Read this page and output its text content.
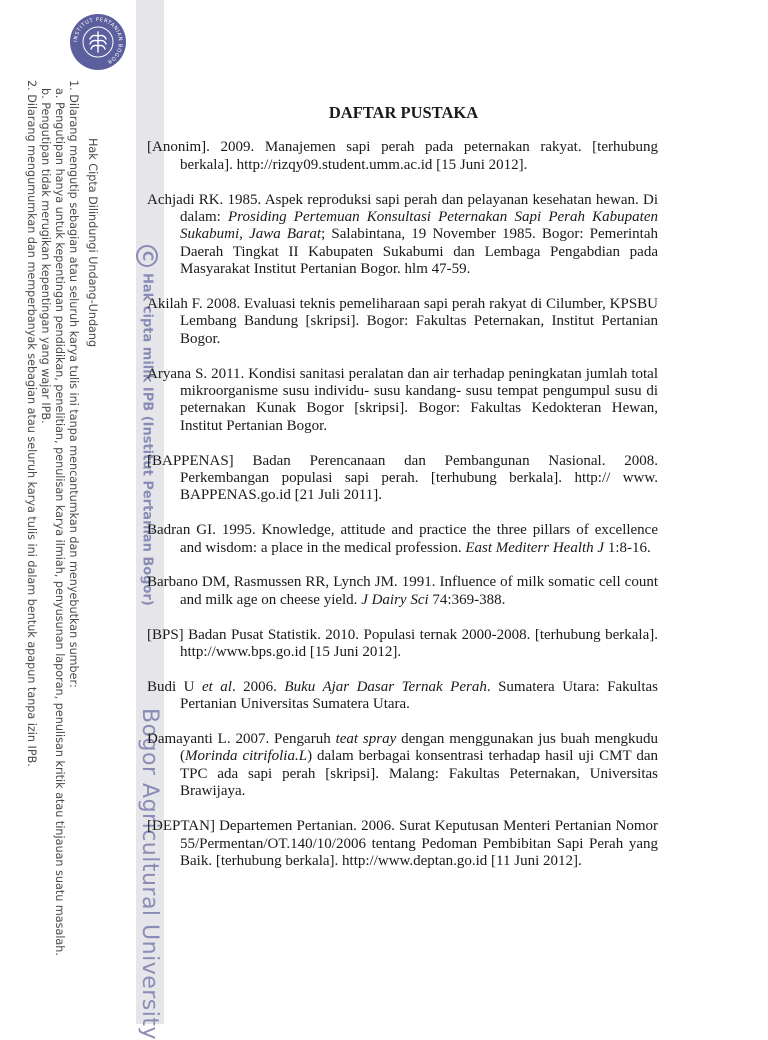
INSTITUT PERTANIAN BOGOR
Hak Cipta Dilindungi Undang-Undang
1. Dilarang mengutip sebagian atau seluruh karya tulis ini tanpa mencantumkan dan menyebutkan sumber:
a. Pengutipan hanya untuk kepentingan pendidikan, penelitian, penulisan karya ilmiah, penyusunan laporan, penulisan kritik atau tinjauan suatu masalah.
b. Pengutipan tidak merugikan kepentingan yang wajar IPB.
2. Dilarang mengumumkan dan memperbanyak sebagian atau seluruh karya tulis ini dalam bentuk apapun tanpa izin IPB.	CHak cipta milik IPB (Institut Pertanian Bogor)
Bogor Agricultural University
DAFTAR PUSTAKA

[Anonim]. 2009. Manajemen sapi perah pada peternakan rakyat. [terhubung berkala]. http://rizqy09.student.umm.ac.id [15 Juni 2012].

Achjadi RK. 1985. Aspek reproduksi sapi perah dan pelayanan kesehatan hewan. Di dalam: Prosiding Pertemuan Konsultasi Peternakan Sapi Perah Kabupaten Sukabumi, Jawa Barat; Salabintana, 19 November 1985. Bogor: Pemerintah Daerah Tingkat II Kabupaten Sukabumi dan Lembaga Pengabdian pada Masyarakat Institut Pertanian Bogor. hlm 47-59.

Akilah F. 2008. Evaluasi teknis pemeliharaan sapi perah rakyat di Cilumber, KPSBU Lembang Bandung [skripsi]. Bogor: Fakultas Peternakan, Institut Pertanian Bogor.

Aryana S. 2011. Kondisi sanitasi peralatan dan air terhadap peningkatan jumlah total mikroorganisme susu individu- susu kandang- susu tempat pengumpul susu di peternakan Kunak Bogor [skripsi]. Bogor: Fakultas Kedokteran Hewan, Institut Pertanian Bogor.

[BAPPENAS] Badan Perencanaan dan Pembangunan Nasional. 2008. Perkembangan populasi sapi perah. [terhubung berkala]. http:// www. BAPPENAS.go.id [21 Juli 2011].

Badran GI. 1995. Knowledge, attitude and practice the three pillars of excellence and wisdom: a place in the medical profession. East Mediterr Health J 1:8-16.

Barbano DM, Rasmussen RR, Lynch JM. 1991. Influence of milk somatic cell count and milk age on cheese yield. J Dairy Sci 74:369-388.

[BPS] Badan Pusat Statistik. 2010. Populasi ternak 2000-2008. [terhubung berkala]. http://www.bps.go.id [15 Juni 2012].

Budi U et al. 2006. Buku Ajar Dasar Ternak Perah. Sumatera Utara: Fakultas Pertanian Universitas Sumatera Utara.

Damayanti L. 2007. Pengaruh teat spray dengan menggunakan jus buah mengkudu (Morinda citrifolia.L) dalam berbagai konsentrasi terhadap hasil uji CMT dan TPC ada sapi perah [skripsi]. Malang: Fakultas Peternakan, Universitas Brawijaya.

[DEPTAN] Departemen Pertanian. 2006. Surat Keputusan Menteri Pertanian Nomor 55/Permentan/OT.140/10/2006 tentang Pedoman Pembibitan Sapi Perah yang Baik. [terhubung berkala]. http://www.deptan.go.id [11 Juni 2012].
